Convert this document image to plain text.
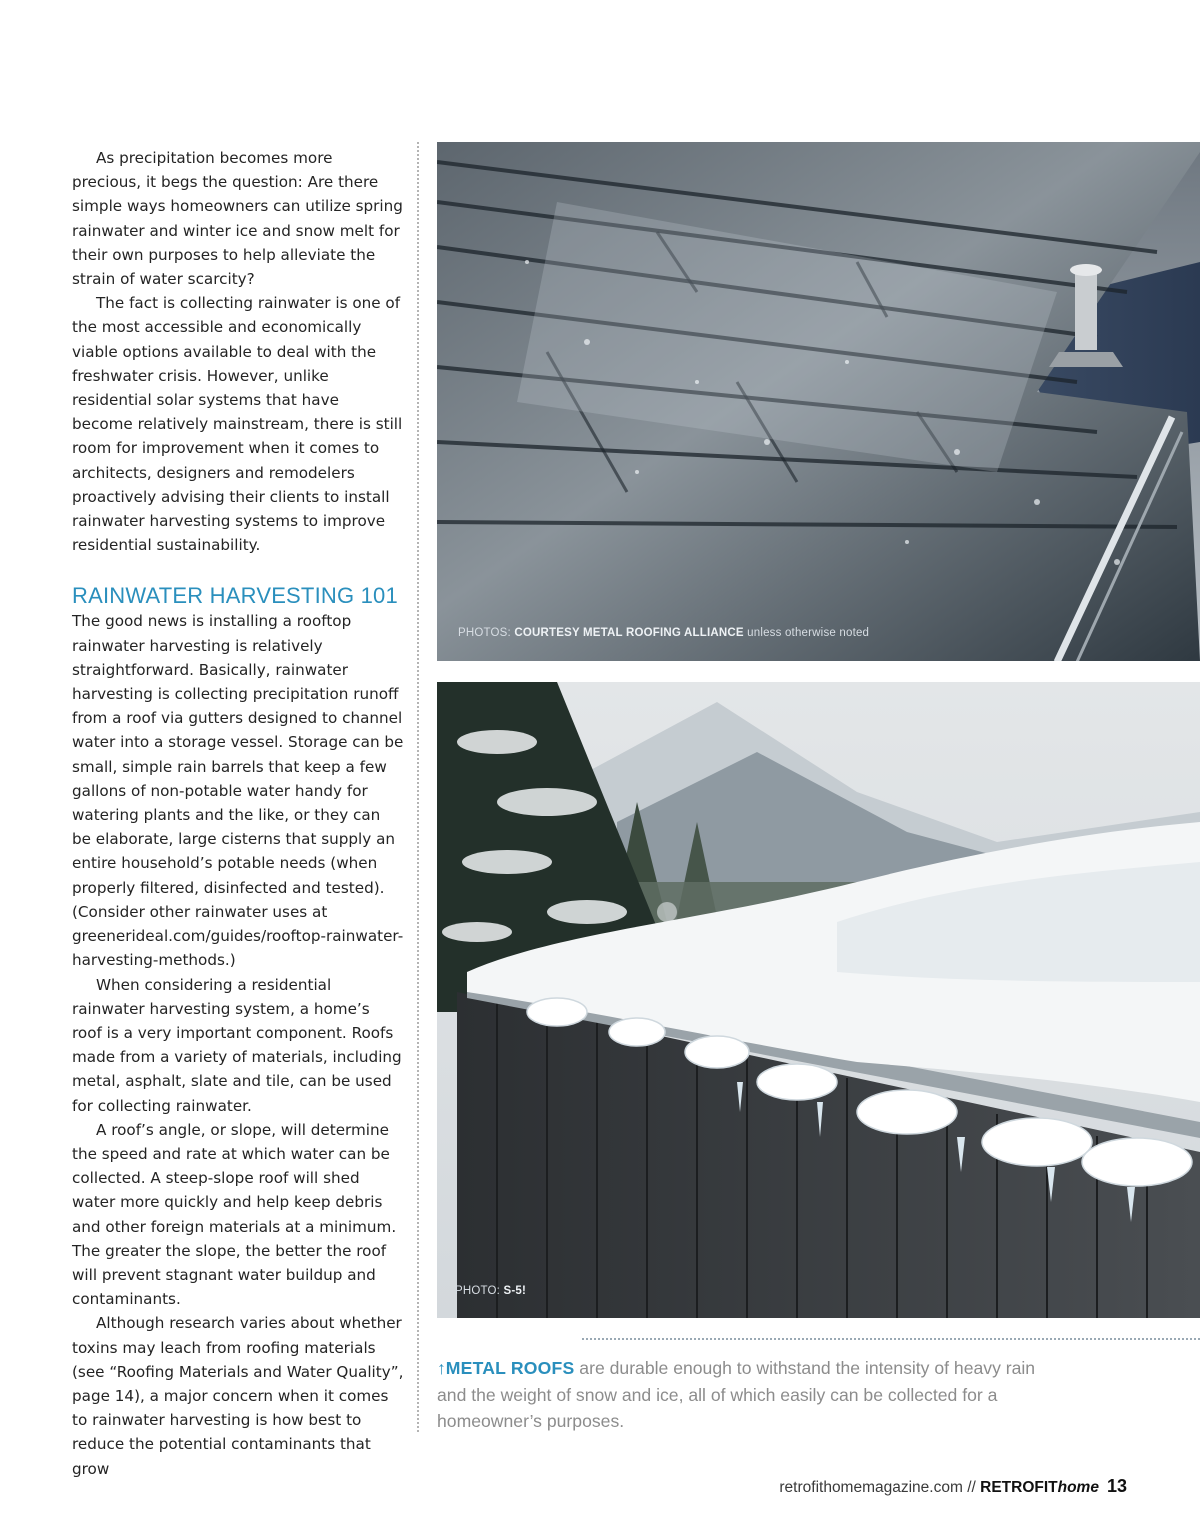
As precipitation becomes more precious, it begs the question: Are there simple ways homeowners can utilize spring rainwater and winter ice and snow melt for their own purposes to help alleviate the strain of water scarcity?

The fact is collecting rainwater is one of the most accessible and economically viable options available to deal with the freshwater crisis. However, unlike residential solar systems that have become relatively mainstream, there is still room for improvement when it comes to architects, designers and remodelers proactively advising their clients to install rainwater harvesting systems to improve residential sustainability.

RAINWATER HARVESTING 101

The good news is installing a rooftop rainwater harvesting is relatively straightforward. Basically, rainwater harvesting is collecting precipitation runoff from a roof via gutters designed to channel water into a storage vessel. Storage can be small, simple rain barrels that keep a few gallons of non-potable water handy for watering plants and the like, or they can be elaborate, large cisterns that supply an entire household’s potable needs (when properly filtered, disinfected and tested). (Consider other rainwater uses at greenerideal.com/guides/rooftop-rainwater-harvesting-methods.)

When considering a residential rainwater harvesting system, a home’s roof is a very important component. Roofs made from a variety of materials, including metal, asphalt, slate and tile, can be used for collecting rainwater.

A roof’s angle, or slope, will determine the speed and rate at which water can be collected. A steep-slope roof will shed water more quickly and help keep debris and other foreign materials at a minimum. The greater the slope, the better the roof will prevent stagnant water buildup and contaminants.

Although research varies about whether toxins may leach from roofing materials (see “Roofing Materials and Water Quality”, page 14), a major concern when it comes to rainwater harvesting is how best to reduce the potential contaminants that grow

PHOTOS: COURTESY METAL ROOFING ALLIANCE unless otherwise noted
PHOTO: S-5!
↑METAL ROOFS are durable enough to withstand the intensity of heavy rain and the weight of snow and ice, all of which easily can be collected for a homeowner’s purposes.
retrofithomemagazine.com // RETROFIThome 13
